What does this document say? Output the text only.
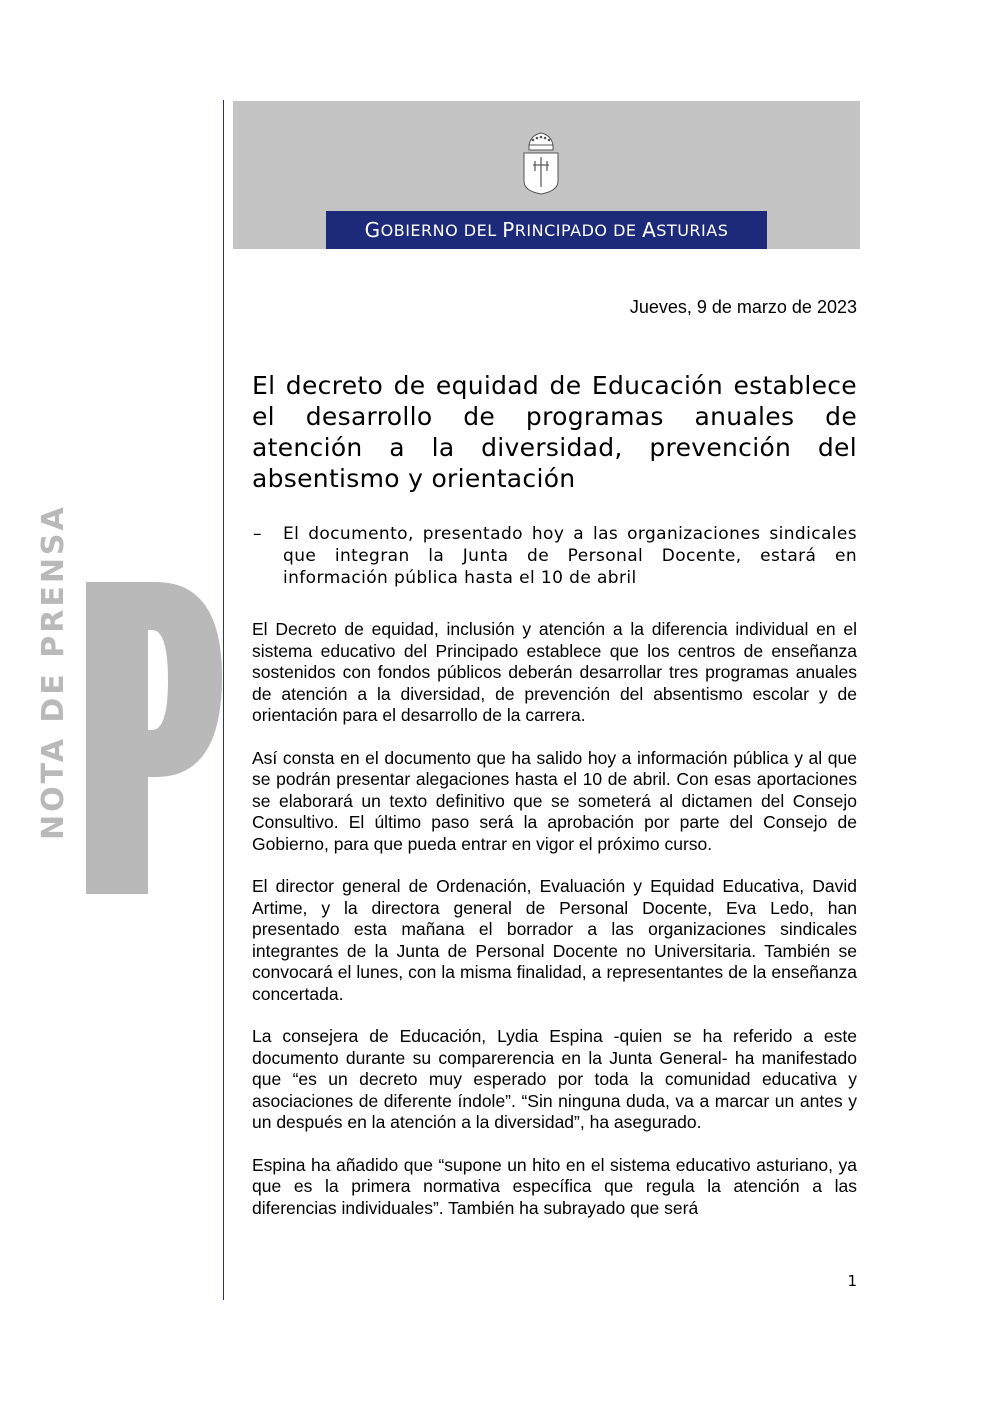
G OBIERNO DEL P RINCIPADO DE A STURIAS
Jueves, 9 de marzo de 2023
El decreto de equidad de Educación establece el desarrollo de programas anuales de atención a la diversidad, prevención del absentismo y orientación
–	El documento, presentado hoy a las organizaciones sindicales que integran la Junta de Personal Docente, estará en información pública hasta el 10 de abril

El Decreto de equidad, inclusión y atención a la diferencia individual en el sistema educativo del Principado establece que los centros de enseñanza sostenidos con fondos públicos deberán desarrollar tres programas anuales de atención a la diversidad, de prevención del absentismo escolar y de orientación para el desarrollo de la carrera.

Así consta en el documento que ha salido hoy a información pública y al que se podrán presentar alegaciones hasta el 10 de abril. Con esas aportaciones se elaborará un texto definitivo que se someterá al dictamen del Consejo Consultivo. El último paso será la aprobación por parte del Consejo de Gobierno, para que pueda entrar en vigor el próximo curso.

El director general de Ordenación, Evaluación y Equidad Educativa, David Artime, y la directora general de Personal Docente, Eva Ledo, han presentado esta mañana el borrador a las organizaciones sindicales integrantes de la Junta de Personal Docente no Universitaria. También se convocará el lunes, con la misma finalidad, a representantes de la enseñanza concertada.

La consejera de Educación, Lydia Espina -quien se ha referido a este documento durante su comparerencia en la Junta General- ha manifestado que “es un decreto muy esperado por toda la comunidad educativa y asociaciones de diferente índole”. “Sin ninguna duda, va a marcar un antes y un después en la atención a la diversidad”, ha asegurado.

Espina ha añadido que “supone un hito en el sistema educativo asturiano, ya que es la primera normativa específica que regula la atención a las diferencias individuales”. También ha subrayado que será

NOTA DE PRENSA
1
